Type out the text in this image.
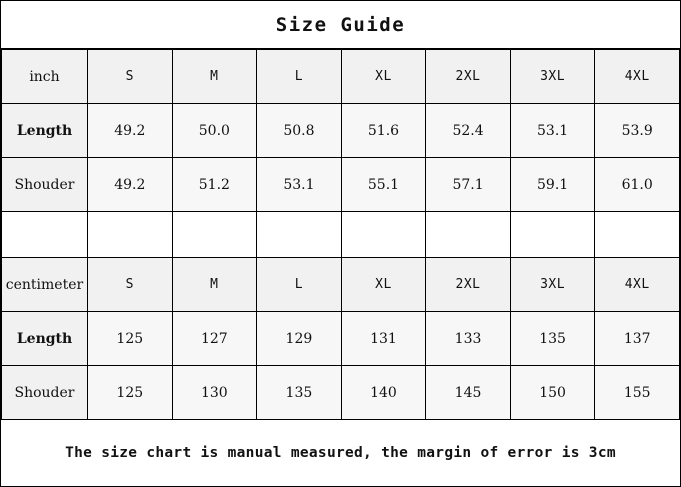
Size Guide
inch	S	M	L	XL	2XL	3XL	4XL
Length	49.2	50.0	50.8	51.6	52.4	53.1	53.9
Shouder	49.2	51.2	53.1	55.1	57.1	59.1	61.0

centimeter	S	M	L	XL	2XL	3XL	4XL
Length	125	127	129	131	133	135	137
Shouder	125	130	135	140	145	150	155
The size chart is manual measured, the margin of error is 3cm
